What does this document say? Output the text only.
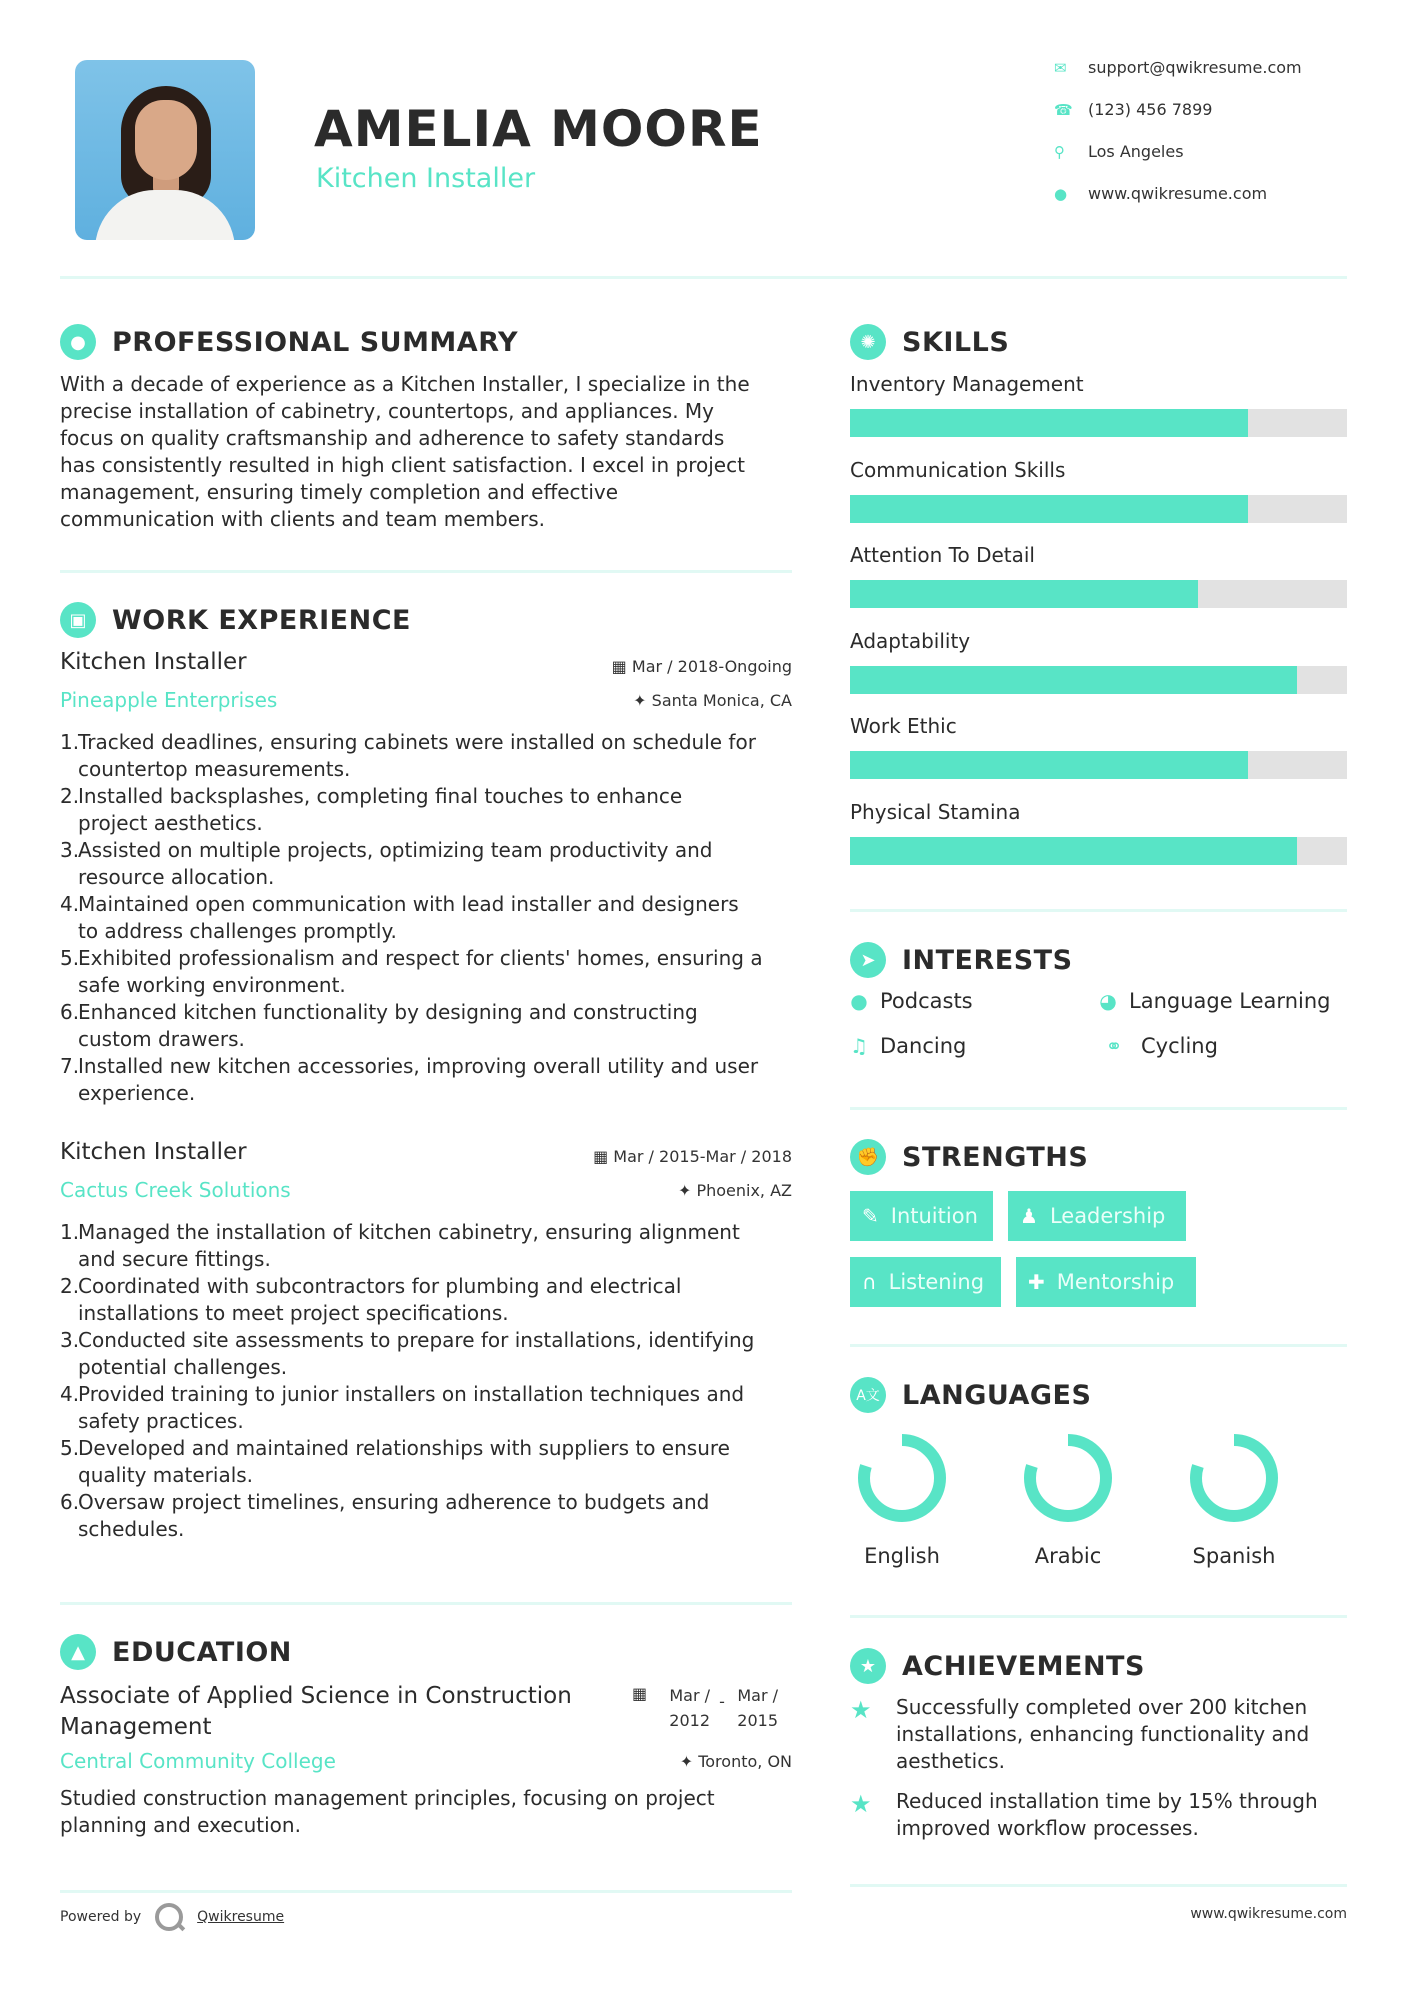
AMELIA MOORE
Kitchen Installer
✉	support@qwikresume.com
☎ (123) 456 7899
⚲	Los Angeles
●	www.qwikresume.com
● PROFESSIONAL SUMMARY
With a decade of experience as a Kitchen Installer, I specialize in the
precise installation of cabinetry, countertops, and appliances. My
focus on quality craftsmanship and adherence to safety standards
has consistently resulted in high client satisfaction. I excel in project
management, ensuring timely completion and effective
communication with clients and team members.
▣ WORK EXPERIENCE
Kitchen Installer	▦ Mar / 2018-Ongoing
Pineapple Enterprises	✦ Santa Monica, CA
1.
Tracked deadlines, ensuring cabinets were installed on schedule for
countertop measurements.
2.
Installed backsplashes, completing final touches to enhance
project aesthetics.
3.
Assisted on multiple projects, optimizing team productivity and
resource allocation.
4.
Maintained open communication with lead installer and designers
to address challenges promptly.
5.
Exhibited professionalism and respect for clients' homes, ensuring a
safe working environment.
6.
Enhanced kitchen functionality by designing and constructing
custom drawers.
7.
Installed new kitchen accessories, improving overall utility and user
experience.
Kitchen Installer	▦ Mar / 2015-Mar / 2018
Cactus Creek Solutions	✦ Phoenix, AZ
1.
Managed the installation of kitchen cabinetry, ensuring alignment
and secure fittings.
2.
Coordinated with subcontractors for plumbing and electrical
installations to meet project specifications.
3.
Conducted site assessments to prepare for installations, identifying
potential challenges.
4.
Provided training to junior installers on installation techniques and
safety practices.
5.
Developed and maintained relationships with suppliers to ensure
quality materials.
6.
Oversaw project timelines, ensuring adherence to budgets and
schedules.
▲	EDUCATION
Associate of Applied Science in Construction
Management
▦	Mar /
2012
- Mar /
2015
Central Community College	✦ Toronto, ON
Studied construction management principles, focusing on project
planning and execution.
✺ SKILLS
Inventory Management
Communication Skills
Attention To Detail
Adaptability
Work Ethic
Physical Stamina
➤ INTERESTS
● Podcasts	◕ Language Learning
♫ Dancing	⚭ Cycling
✊ STRENGTHS
✎ Intuition ♟ Leadership
∩ Listening ✚ Mentorship
A文 LANGUAGES
English	Arabic	Spanish
★ ACHIEVEMENTS
★ Successfully completed over 200 kitchen
installations, enhancing functionality and
aesthetics.
★ Reduced installation time by 15% through
improved workflow processes.
Powered by	Qwikresume	www.qwikresume.com
